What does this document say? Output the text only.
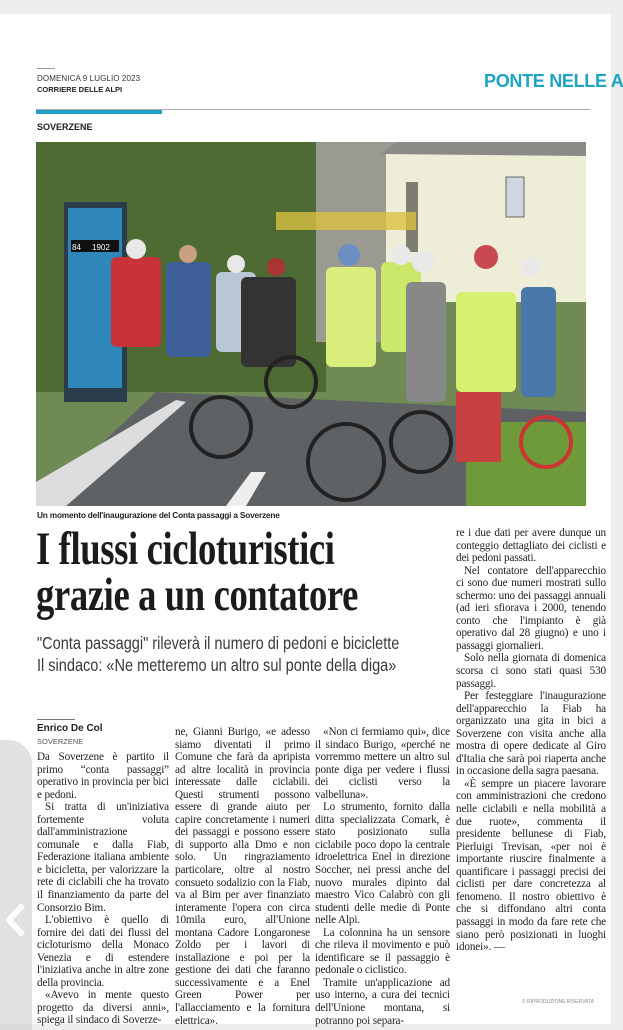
DOMENICA 9 LUGLIO 2023
CORRIERE DELLE ALPI	PONTE NELLE A
SOVERZENE
84 1902
Un momento dell'inaugurazione del Conta passaggi a Soverzene
I flussi cicloturistici
grazie a un contatore
"Conta passaggi" rileverà il numero di pedoni e biciclette
Il sindaco: «Ne metteremo un altro sul ponte della diga»
Enrico De Col
SOVERZENE

Da Soverzene è partito il primo “conta passaggi” operativo in provincia per bici e pedoni.

Si tratta di un'iniziativa fortemente voluta dall'amministrazione comunale e dalla Fiab, Federazione italiana ambiente e bicicletta, per valorizzare la rete di ciclabili che ha trovato il finanziamento da parte del Consorzio Bim.

L'obiettivo è quello di fornire dei dati dei flussi del cicloturismo della Monaco Venezia e di estendere l'iniziativa anche in altre zone della provincia.

«Avevo in mente questo progetto da diversi anni», spiega il sindaco di Soverze-

ne, Gianni Burigo, «e adesso siamo diventati il primo Comune che farà da apripista ad altre località in provincia interessate dalle ciclabili. Questi strumenti possono essere di grande aiuto per capire concretamente i numeri dei passaggi e possono essere di supporto alla Dmo e non solo. Un ringraziamento particolare, oltre al nostro consueto sodalizio con la Fiab, va al Bim per aver finanziato interamente l'opera con circa 10mila euro, all'Unione montana Cadore Longaronese Zoldo per i lavori di installazione e poi per la gestione dei dati che faranno successivamente e a Enel Green Power per l'allacciamento e la fornitura elettrica».

«Non ci fermiamo qui», dice il sindaco Burigo, «perché ne vorremmo mettere un altro sul ponte diga per vedere i flussi dei ciclisti verso la valbelluna».

Lo strumento, fornito dalla ditta specializzata Comark, è stato posizionato sulla ciclabile poco dopo la centrale idroelettrica Enel in direzione Soccher, nei pressi anche del nuovo murales dipinto dal maestro Vico Calabrò con gli studenti delle medie di Ponte nelle Alpi.

La colonnina ha un sensore che rileva il movimento e può identificare se il passaggio è pedonale o ciclistico.

Tramite un'applicazione ad uso interno, a cura dei tecnici dell'Unione montana, si potranno poi separa-

re i due dati per avere dunque un conteggio dettagliato dei ciclisti e dei pedoni passati.

Nel contatore dell'apparecchio ci sono due numeri mostrati sullo schermo: uno dei passaggi annuali (ad ieri sfiorava i 2000, tenendo conto che l'impianto è già operativo dal 28 giugno) e uno i passaggi giornalieri.

Solo nella giornata di domenica scorsa ci sono stati quasi 530 passaggi.

Per festeggiare l'inaugurazione dell'apparecchio la Fiab ha organizzato una gita in bici a Soverzene con visita anche alla mostra di opere dedicate al Giro d'Italia che sarà poi riaperta anche in occasione della sagra paesana.

«È sempre un piacere lavorare con amministrazioni che credono nelle ciclabili e nella mobilità a due ruote», commenta il presidente bellunese di Fiab, Pierluigi Trevisan, «per noi è importante riuscire finalmente a quantificare i passaggi precisi dei ciclisti per dare concretezza al fenomeno. Il nostro obiettivo è che si diffondano altri conta passaggi in modo da fare rete che siano però posizionati in luoghi idonei». —

© RIPRODUZIONE RISERVATA
